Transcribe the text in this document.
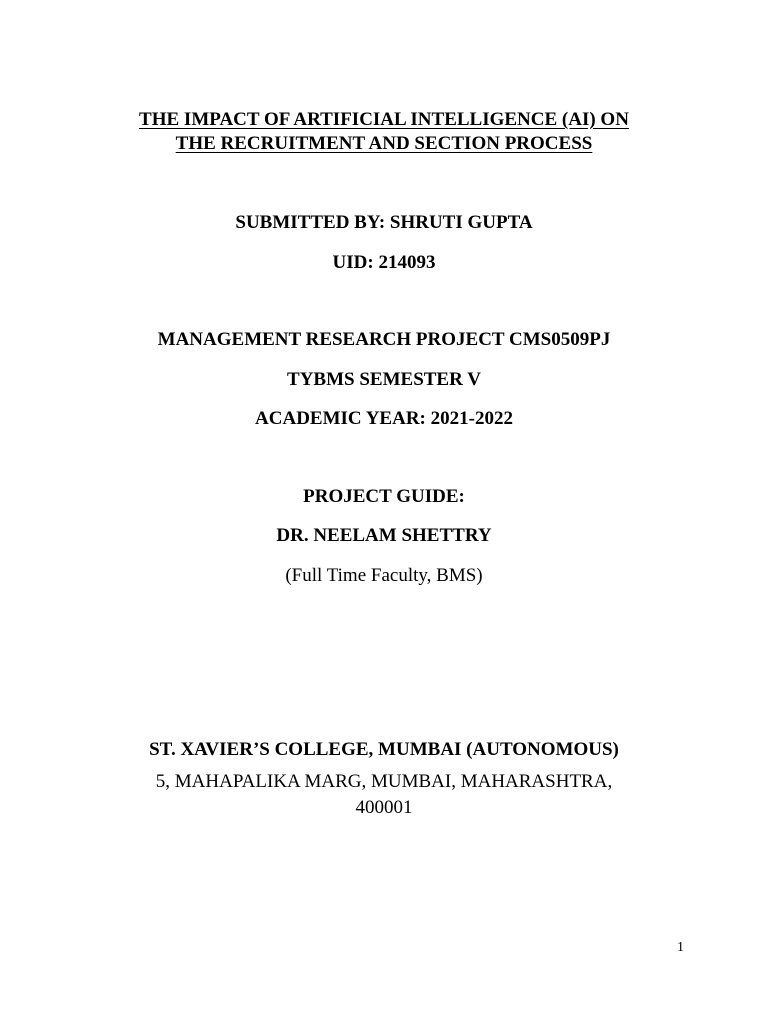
THE IMPACT OF ARTIFICIAL INTELLIGENCE (AI) ON

THE RECRUITMENT AND SECTION PROCESS

SUBMITTED BY: SHRUTI GUPTA

UID: 214093

MANAGEMENT RESEARCH PROJECT CMS0509PJ

TYBMS SEMESTER V

ACADEMIC YEAR: 2021-2022

PROJECT GUIDE:

DR. NEELAM SHETTRY

(Full Time Faculty, BMS)

ST. XAVIER’S COLLEGE, MUMBAI (AUTONOMOUS)

5, MAHAPALIKA MARG, MUMBAI, MAHARASHTRA,

400001

1
